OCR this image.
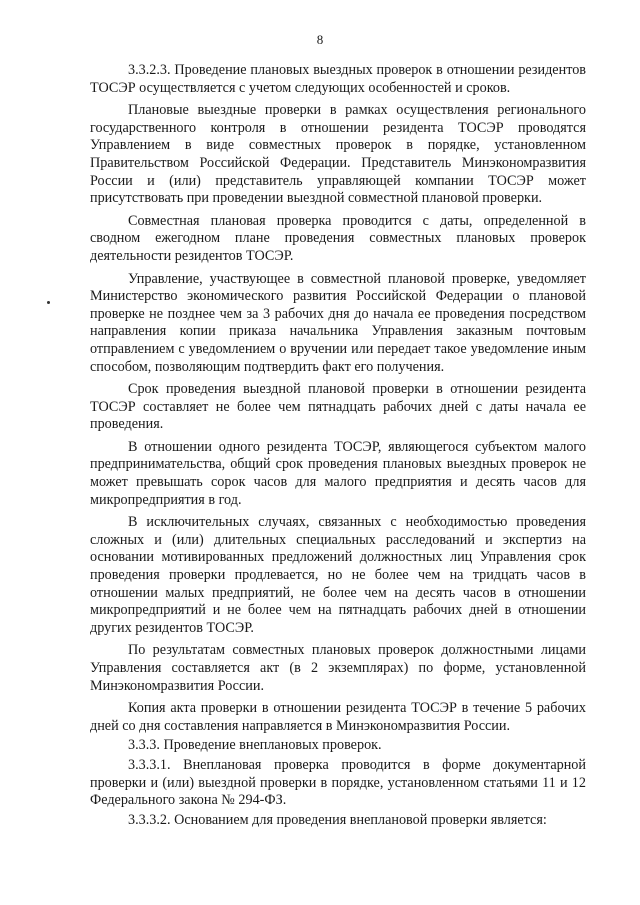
8

3.3.2.3. Проведение плановых выездных проверок в отношении резидентов ТОСЭР осуществляется с учетом следующих особенностей и сроков.

Плановые выездные проверки в рамках осуществления регионального государственного контроля в отношении резидента ТОСЭР проводятся Управлением в виде совместных проверок в порядке, установленном Правительством Российской Федерации. Представитель Минэкономразвития России и (или) представитель управляющей компании ТОСЭР может присутствовать при проведении выездной совместной плановой проверки.

Совместная плановая проверка проводится с даты, определенной в сводном ежегодном плане проведения совместных плановых проверок деятельности резидентов ТОСЭР.

Управление, участвующее в совместной плановой проверке, уведомляет Министерство экономического развития Российской Федерации о плановой проверке не позднее чем за 3 рабочих дня до начала ее проведения посредством направления копии приказа начальника Управления заказным почтовым отправлением с уведомлением о вручении или передает такое уведомление иным способом, позволяющим подтвердить факт его получения.

Срок проведения выездной плановой проверки в отношении резидента ТОСЭР составляет не более чем пятнадцать рабочих дней с даты начала ее проведения.

В отношении одного резидента ТОСЭР, являющегося субъектом малого предпринимательства, общий срок проведения плановых выездных проверок не может превышать сорок часов для малого предприятия и десять часов для микропредприятия в год.

В исключительных случаях, связанных с необходимостью проведения сложных и (или) длительных специальных расследований и экспертиз на основании мотивированных предложений должностных лиц Управления срок проведения проверки продлевается, но не более чем на тридцать часов в отношении малых предприятий, не более чем на десять часов в отношении микропредприятий и не более чем на пятнадцать рабочих дней в отношении других резидентов ТОСЭР.

По результатам совместных плановых проверок должностными лицами Управления составляется акт (в 2 экземплярах) по форме, установленной Минэкономразвития России.

Копия акта проверки в отношении резидента ТОСЭР в течение 5 рабочих дней со дня составления направляется в Минэкономразвития России.

3.3.3. Проведение внеплановых проверок.

3.3.3.1. Внеплановая проверка проводится в форме документарной проверки и (или) выездной проверки в порядке, установленном статьями 11 и 12 Федерального закона № 294-ФЗ.

3.3.3.2. Основанием для проведения внеплановой проверки является:
